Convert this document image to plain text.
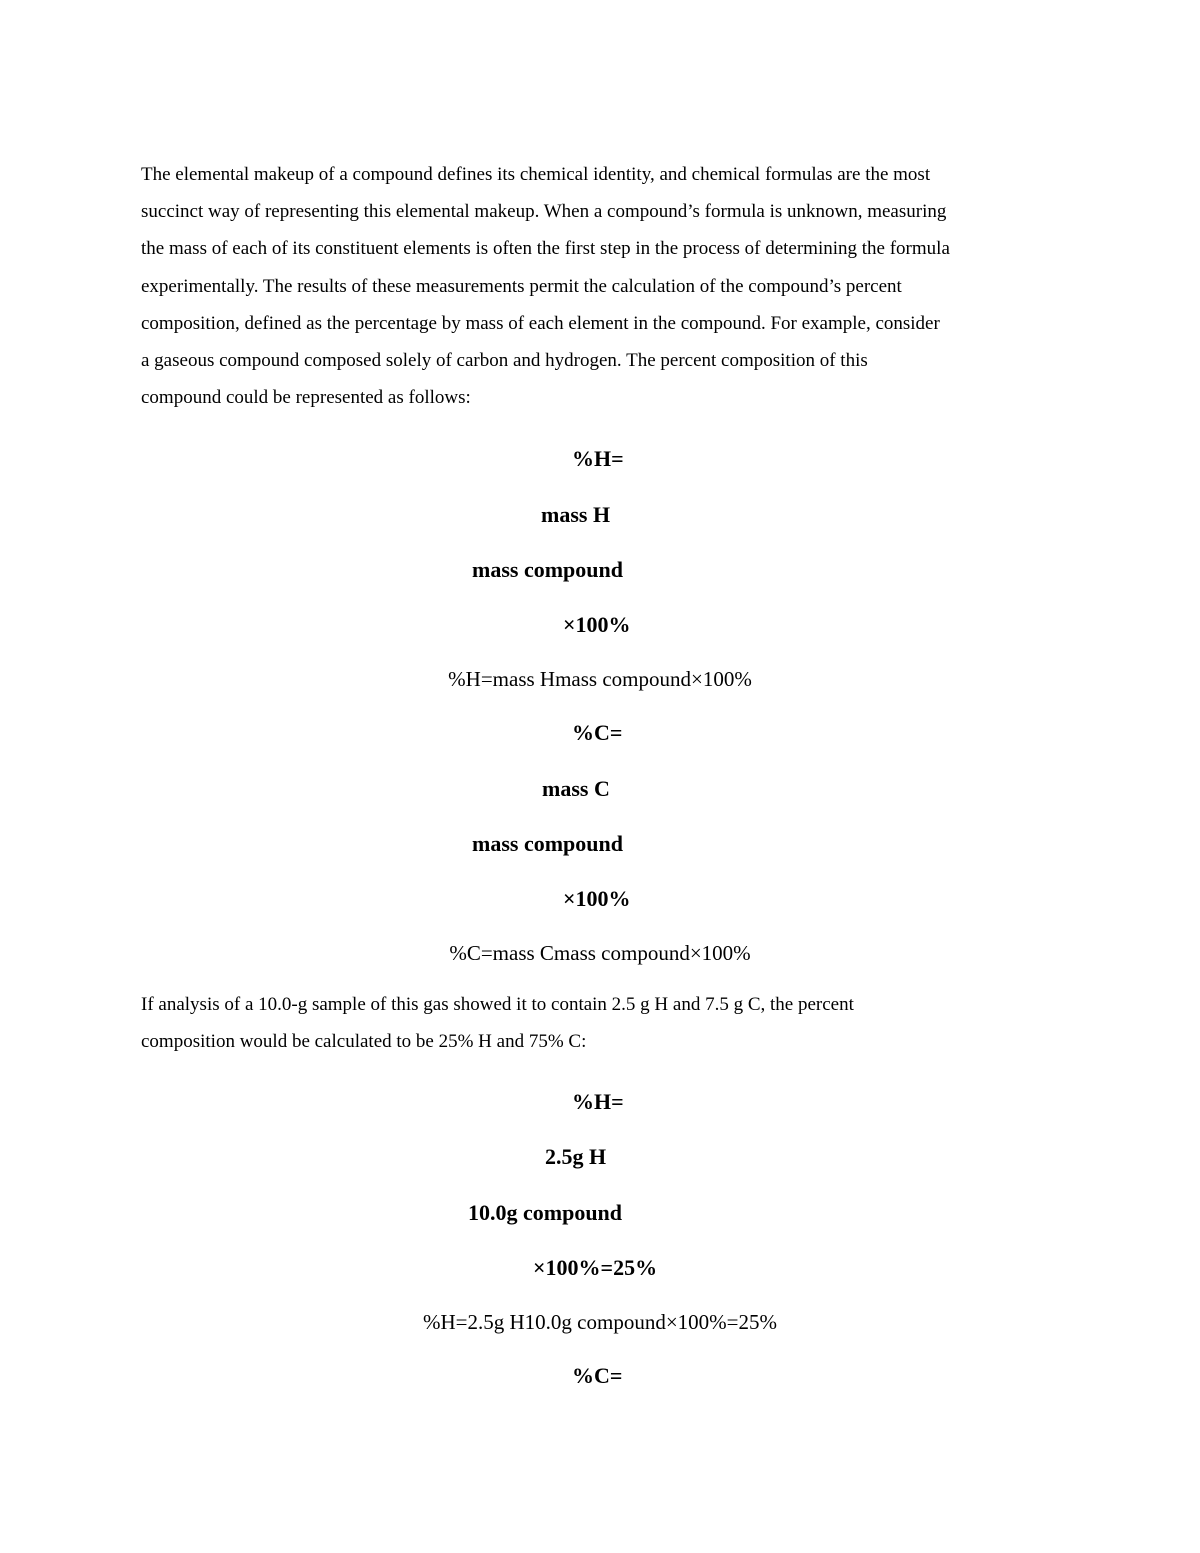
The elemental makeup of a compound defines its chemical identity, and chemical formulas are the most
succinct way of representing this elemental makeup. When a compound’s formula is unknown, measuring
the mass of each of its constituent elements is often the first step in the process of determining the formula
experimentally. The results of these measurements permit the calculation of the compound’s percent
composition, defined as the percentage by mass of each element in the compound. For example, consider
a gaseous compound composed solely of carbon and hydrogen. The percent composition of this
compound could be represented as follows:
%H=
mass H
mass compound
×100%
%H=mass Hmass compound×100%
%C=
mass C
mass compound
×100%
%C=mass Cmass compound×100%
If analysis of a 10.0-g sample of this gas showed it to contain 2.5 g H and 7.5 g C, the percent
composition would be calculated to be 25% H and 75% C:
%H=
2.5g H
10.0g compound
×100%=25%
%H=2.5g H10.0g compound×100%=25%
%C=
